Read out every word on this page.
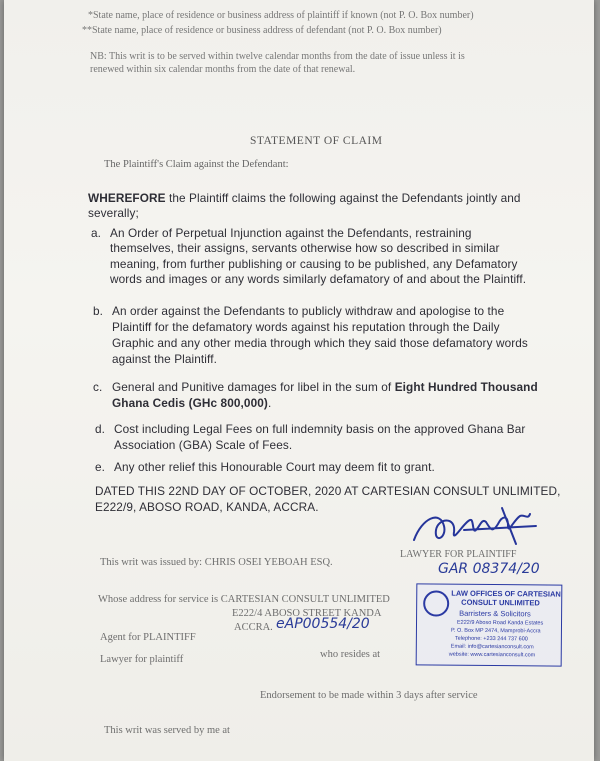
*State name, place of residence or business address of plaintiff if known (not P. O. Box number)
**State name, place of residence or business address of defendant (not P. O. Box number)
NB: This writ is to be served within twelve calendar months from the date of issue unless it is
renewed within six calendar months from the date of that renewal.
STATEMENT OF CLAIM
The Plaintiff's Claim against the Defendant:
WHEREFORE the Plaintiff claims the following against the Defendants jointly and
severally;
a. An Order of Perpetual Injunction against the Defendants, restraining
themselves, their assigns, servants otherwise how so described in similar
meaning, from further publishing or causing to be published, any Defamatory
words and images or any words similarly defamatory of and about the Plaintiff.
b. An order against the Defendants to publicly withdraw and apologise to the
Plaintiff for the defamatory words against his reputation through the Daily
Graphic and any other media through which they said those defamatory words
against the Plaintiff.
c. General and Punitive damages for libel in the sum of Eight Hundred Thousand
Ghana Cedis (GHc 800,000).
d. Cost including Legal Fees on full indemnity basis on the approved Ghana Bar
Association (GBA) Scale of Fees.
e. Any other relief this Honourable Court may deem fit to grant.
DATED THIS 22ND DAY OF OCTOBER, 2020 AT CARTESIAN CONSULT UNLIMITED,
E222/9, ABOSO ROAD, KANDA, ACCRA.
This writ was issued by: CHRIS OSEI YEBOAH ESQ.
LAWYER FOR PLAINTIFF
GAR 08374/20
Whose address for service is CARTESIAN CONSULT UNLIMITED
E222/4 ABOSO STREET KANDA
ACCRA. eAP00554/20
Agent for PLAINTIFF
Lawyer for plaintiff	who resides at
Endorsement to be made within 3 days after service
This writ was served by me at
LAW OFFICES OF CARTESIAN
CONSULT UNLIMITED
Barristers & Solicitors
E222/9 Aboso Road Kanda Estates
P. O. Box MP 2474, Mamprobi-Accra
Telephone: +233 244 737 600
Email: info@cartesianconsult.com
website: www.cartesianconsult.com
